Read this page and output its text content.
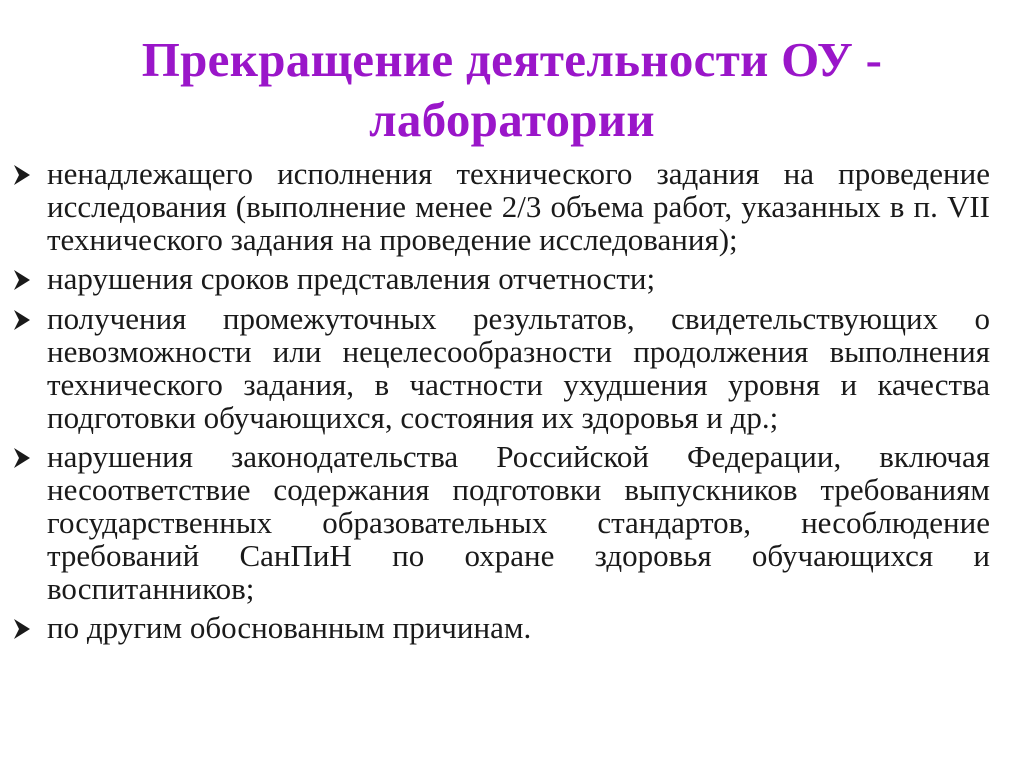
Прекращение деятельности ОУ - лаборатории
ненадлежащего исполнения технического задания на проведение исследования (выполнение менее 2/3 объема работ, указанных в п. VII технического задания на проведение исследования);
нарушения сроков представления отчетности;
получения промежуточных результатов, свидетельствующих о невозможности или нецелесообразности продолжения выполнения технического задания, в частности ухудшения уровня и качества подготовки обучающихся, состояния их здоровья и др.;
нарушения законодательства Российской Федерации, включая несоответствие содержания подготовки выпускников требованиям государственных образовательных стандартов, несоблюдение требований СанПиН по охране здоровья обучающихся и воспитанников;
по другим обоснованным причинам.
